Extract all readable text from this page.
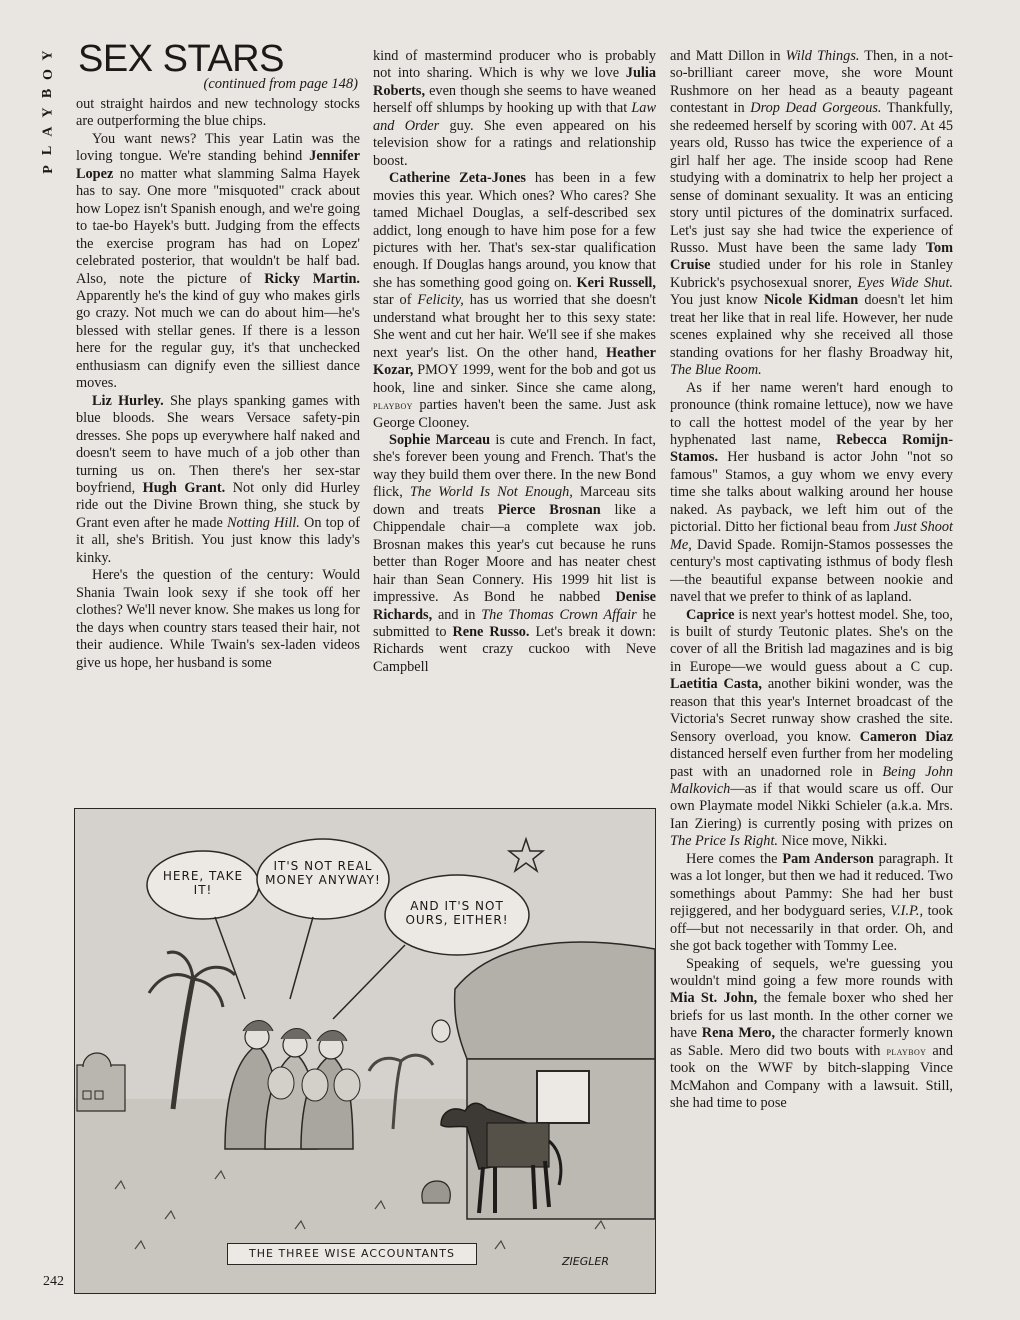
Y
O
B
Y
A
L
P
SEX STARS
(continued from page 148)

out straight hairdos and new technology stocks are outperforming the blue chips.

You want news? This year Latin was the loving tongue. We're standing behind Jennifer Lopez no matter what slamming Salma Hayek has to say. One more "misquoted" crack about how Lopez isn't Spanish enough, and we're going to tae-bo Hayek's butt. Judging from the effects the exercise program has had on Lopez' celebrated posterior, that wouldn't be half bad. Also, note the picture of Ricky Martin. Apparently he's the kind of guy who makes girls go crazy. Not much we can do about him—he's blessed with stellar genes. If there is a lesson here for the regular guy, it's that unchecked enthusiasm can dignify even the silliest dance moves.

Liz Hurley. She plays spanking games with blue bloods. She wears Versace safety-pin dresses. She pops up everywhere half naked and doesn't seem to have much of a job other than turning us on. Then there's her sex-star boyfriend, Hugh Grant. Not only did Hurley ride out the Divine Brown thing, she stuck by Grant even after he made Notting Hill. On top of it all, she's British. You just know this lady's kinky.

Here's the question of the century: Would Shania Twain look sexy if she took off her clothes? We'll never know. She makes us long for the days when country stars teased their hair, not their audience. While Twain's sex-laden videos give us hope, her husband is some

kind of mastermind producer who is probably not into sharing. Which is why we love Julia Roberts, even though she seems to have weaned herself off shlumps by hooking up with that Law and Order guy. She even appeared on his television show for a ratings and relationship boost.

Catherine Zeta-Jones has been in a few movies this year. Which ones? Who cares? She tamed Michael Douglas, a self-described sex addict, long enough to have him pose for a few pictures with her. That's sex-star qualification enough. If Douglas hangs around, you know that she has something good going on. Keri Russell, star of Felicity, has us worried that she doesn't understand what brought her to this sexy state: She went and cut her hair. We'll see if she makes next year's list. On the other hand, Heather Kozar, PMOY 1999, went for the bob and got us hook, line and sinker. Since she came along, playboy parties haven't been the same. Just ask George Clooney.

Sophie Marceau is cute and French. In fact, she's forever been young and French. That's the way they build them over there. In the new Bond flick, The World Is Not Enough, Marceau sits down and treats Pierce Brosnan like a Chippendale chair—a complete wax job. Brosnan makes this year's cut because he runs better than Roger Moore and has neater chest hair than Sean Connery. His 1999 hit list is impressive. As Bond he nabbed Denise Richards, and in The Thomas Crown Affair he submitted to Rene Russo. Let's break it down: Richards went crazy cuckoo with Neve Campbell

and Matt Dillon in Wild Things. Then, in a not-so-brilliant career move, she wore Mount Rushmore on her head as a beauty pageant contestant in Drop Dead Gorgeous. Thankfully, she redeemed herself by scoring with 007. At 45 years old, Russo has twice the experience of a girl half her age. The inside scoop had Rene studying with a dominatrix to help her project a sense of dominant sexuality. It was an enticing story until pictures of the dominatrix surfaced. Let's just say she had twice the experience of Russo. Must have been the same lady Tom Cruise studied under for his role in Stanley Kubrick's psychosexual snorer, Eyes Wide Shut. You just know Nicole Kidman doesn't let him treat her like that in real life. However, her nude scenes explained why she received all those standing ovations for her flashy Broadway hit, The Blue Room.

As if her name weren't hard enough to pronounce (think romaine lettuce), now we have to call the hottest model of the year by her hyphenated last name, Rebecca Romijn-Stamos. Her husband is actor John "not so famous" Stamos, a guy whom we envy every time she talks about walking around her house naked. As payback, we left him out of the pictorial. Ditto her fictional beau from Just Shoot Me, David Spade. Romijn-Stamos possesses the century's most captivating isthmus of body flesh—the beautiful expanse between nookie and navel that we prefer to think of as lapland.

Caprice is next year's hottest model. She, too, is built of sturdy Teutonic plates. She's on the cover of all the British lad magazines and is big in Europe—we would guess about a C cup. Laetitia Casta, another bikini wonder, was the reason that this year's Internet broadcast of the Victoria's Secret runway show crashed the site. Sensory overload, you know. Cameron Diaz distanced herself even further from her modeling past with an unadorned role in Being John Malkovich—as if that would scare us off. Our own Playmate model Nikki Schieler (a.k.a. Mrs. Ian Ziering) is currently posing with prizes on The Price Is Right. Nice move, Nikki.

Here comes the Pam Anderson paragraph. It was a lot longer, but then we had it reduced. Two somethings about Pammy: She had her bust rejiggered, and her bodyguard series, V.I.P., took off—but not necessarily in that order. Oh, and she got back together with Tommy Lee.

Speaking of sequels, we're guessing you wouldn't mind going a few more rounds with Mia St. John, the female boxer who shed her briefs for us last month. In the other corner we have Rena Mero, the character formerly known as Sable. Mero did two bouts with playboy and took on the WWF by bitch-slapping Vince McMahon and Company with a lawsuit. Still, she had time to pose

HERE, TAKE IT!
IT'S NOT REAL MONEY ANYWAY!
AND IT'S NOT OURS, EITHER!
THE THREE WISE ACCOUNTANTS
ZIEGLER
242
